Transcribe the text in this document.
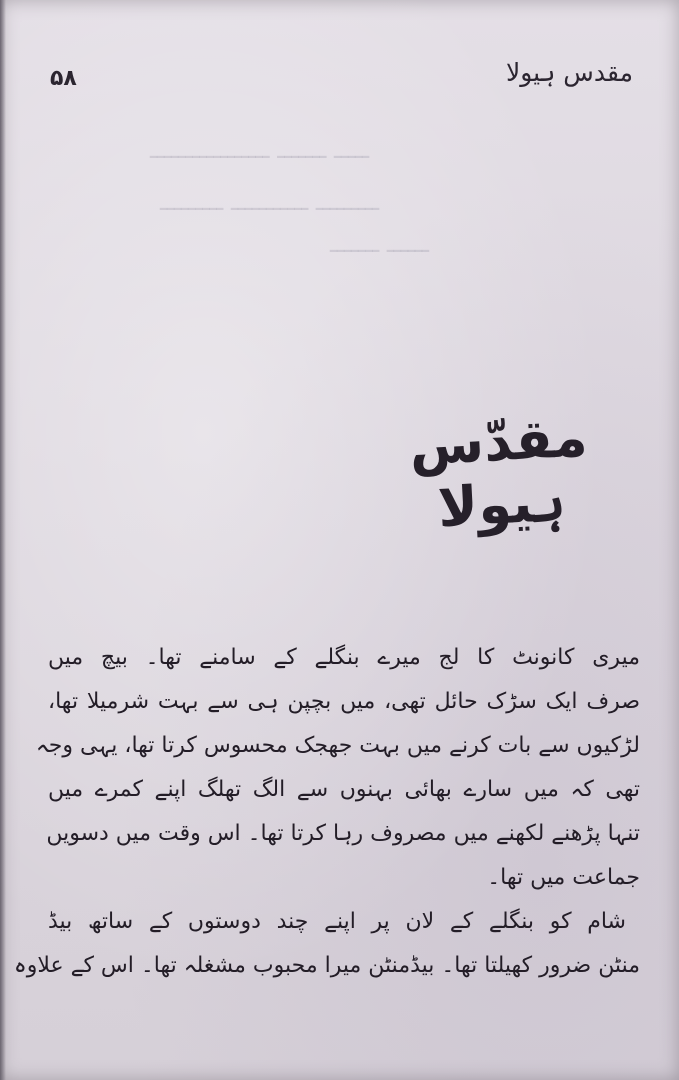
ـــــــــــــــــ ـــــــ ـــــ
ـــــــــ ـــــــــــ ـــــــــ
ـــــــ ــــــ
۵۸	مقدس ہیولا
مقدّس ہیولا
میری کانونٹ کا لج میرے بنگلے کے سامنے تھا۔ بیچ میں
صرف ایک سڑک حائل تھی، میں بچپن ہی سے بہت شرمیلا تھا،
لڑکیوں سے بات کرنے میں بہت جھجک محسوس کرتا تھا، یہی وجہ
تھی کہ میں سارے بھائی بہنوں سے الگ تھلگ اپنے کمرے میں
تنہا پڑھنے لکھنے میں مصروف رہا کرتا تھا۔ اس وقت میں دسویں
جماعت میں تھا۔
شام کو بنگلے کے لان پر اپنے چند دوستوں کے ساتھ بیڈ
منٹن ضرور کھیلتا تھا۔ بیڈمنٹن میرا محبوب مشغلہ تھا۔ اس کے علاوہ
